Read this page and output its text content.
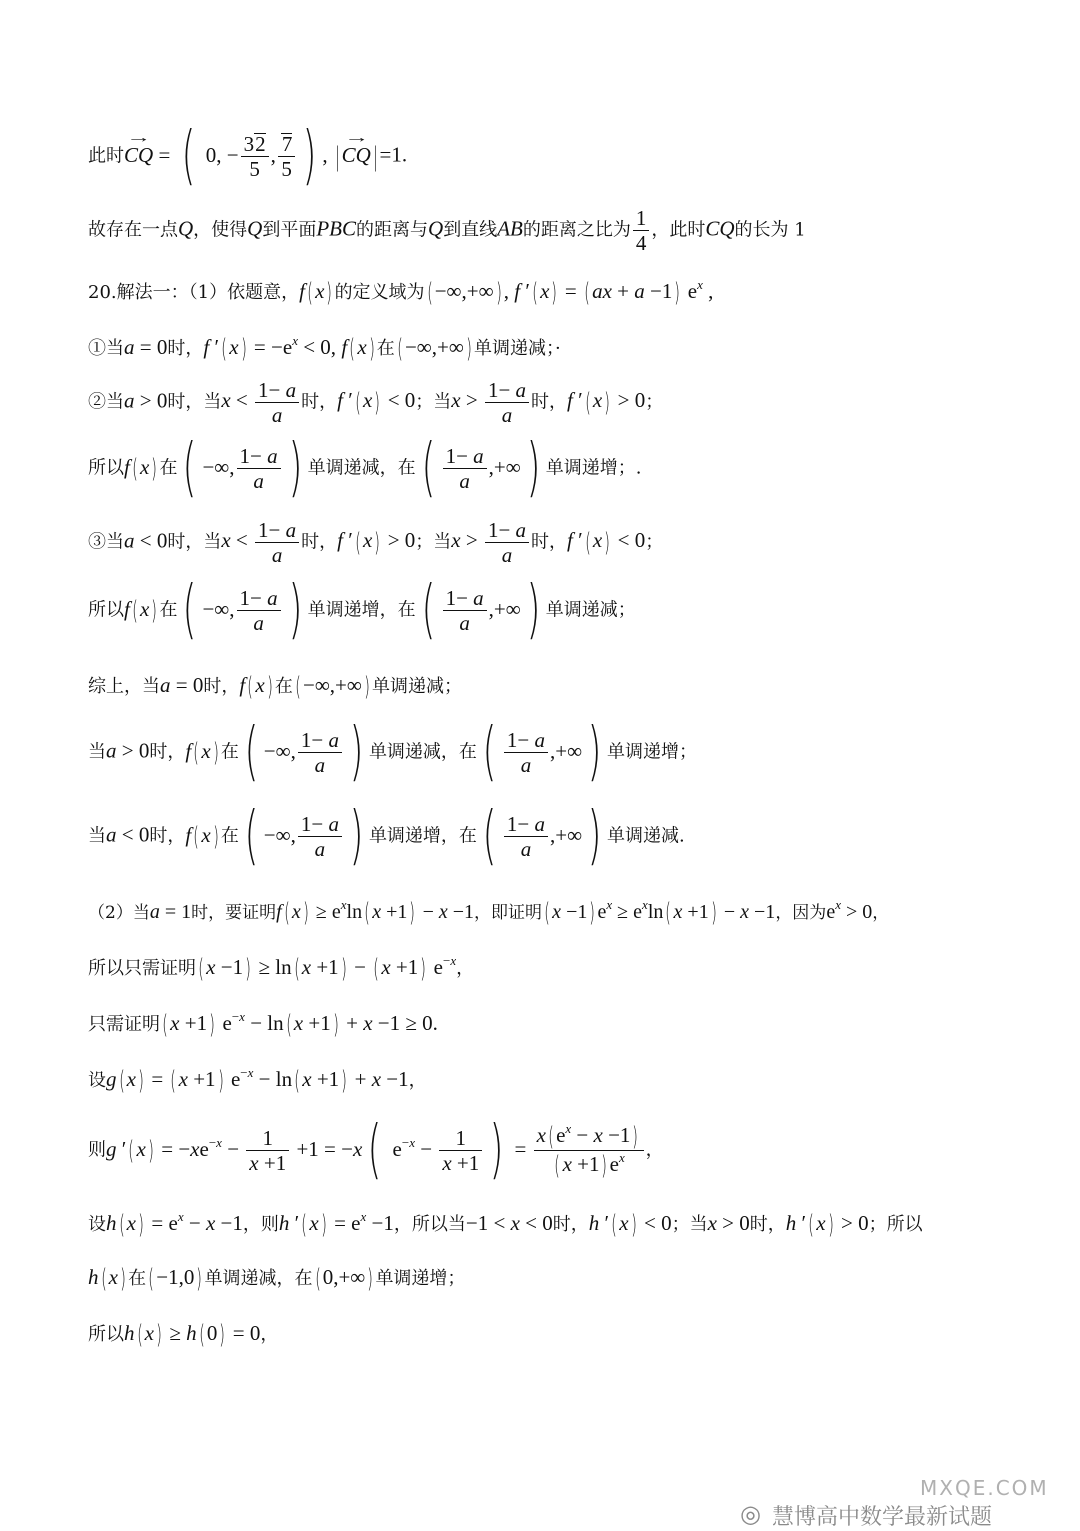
此时→ CQ = ( 0, − $\frac{32}{5}$ , $\frac{7}{5}$ ) , |→ CQ|=1.
故存在一点Q，使得Q到平面PBC的距离与Q到直线AB的距离之比为 $\frac{1}{4}$ ，此时CQ的长为 1
20.解法一：（1）依题意，f( x) 的定义域为( −∞,+∞) , f ′( x) = ( ax + a −1) $e^x$ ,
①当a = 0时，f ′( $x) = -e^x < 0$, f( x) 在( −∞,+∞) 单调递减；·
②当a > 0时，当$x < \frac{1- a}{a}$ 时，f ′( x) < 0；当$x > \frac{1- a}{a}$ 时，f ′( x) > 0；
所以f( x) 在( −∞, $\frac{1- a}{a}$ ) 单调递减，在( $\frac{1- a}{a}$ ,+∞) 单调递增；.
③当a < 0时，当$x < \frac{1- a}{a}$ 时，f ′( x) > 0；当$x > \frac{1- a}{a}$ 时，f ′( x) < 0；
所以f( x) 在( −∞, $\frac{1- a}{a}$ ) 单调递增，在( $\frac{1- a}{a}$ ,+∞) 单调递减；
综上，当a = 0时，f( x) 在( −∞,+∞) 单调递减；
当a > 0时，f( x) 在( −∞, $\frac{1- a}{a}$ ) 单调递减，在( $\frac{1- a}{a}$ ,+∞) 单调递增；
当a < 0时，f( x) 在( −∞, $\frac{1- a}{a}$ ) 单调递增，在( $\frac{1- a}{a}$ ,+∞) 单调递减.
（2）当a = 1时，要证明f( $x) \ge e^x\ln$( x +1) − x −1，即证明( x −1) $e^x \ge e^x\ln$( x +1) − x −1，因为$e^x > 0$，
所以只需证明( x −1) ≥ ln( x +1) − ( x +1) $e^{-x}$，
只需证明( x +1) $e^{-x} - \ln$( x +1) + x −1 ≥ 0.
设g( x) = ( x +1) $e^{-x} - \ln$( x +1) + x −1，
则g ′( $x) = -xe^{-x} - \frac{1}{x +1} +1 = -x$( $e^{-x} - \frac{1}{x +1}$ ) = $\frac{x( e^x - x -1)}{( x +1) e^x}$ ，
设h( $x) = e^x - x -1$，则h ′( $x) = e^x -1$，所以当−1 < x < 0时，h ′( x) < 0；当x > 0时，h ′( x) > 0；所以
h( x) 在( −1,0) 单调递减，在( 0,+∞) 单调递增；
所以h( x) ≥ h( 0) = 0，
◎ 慧博高中数学最新试题
MXQE.COM
